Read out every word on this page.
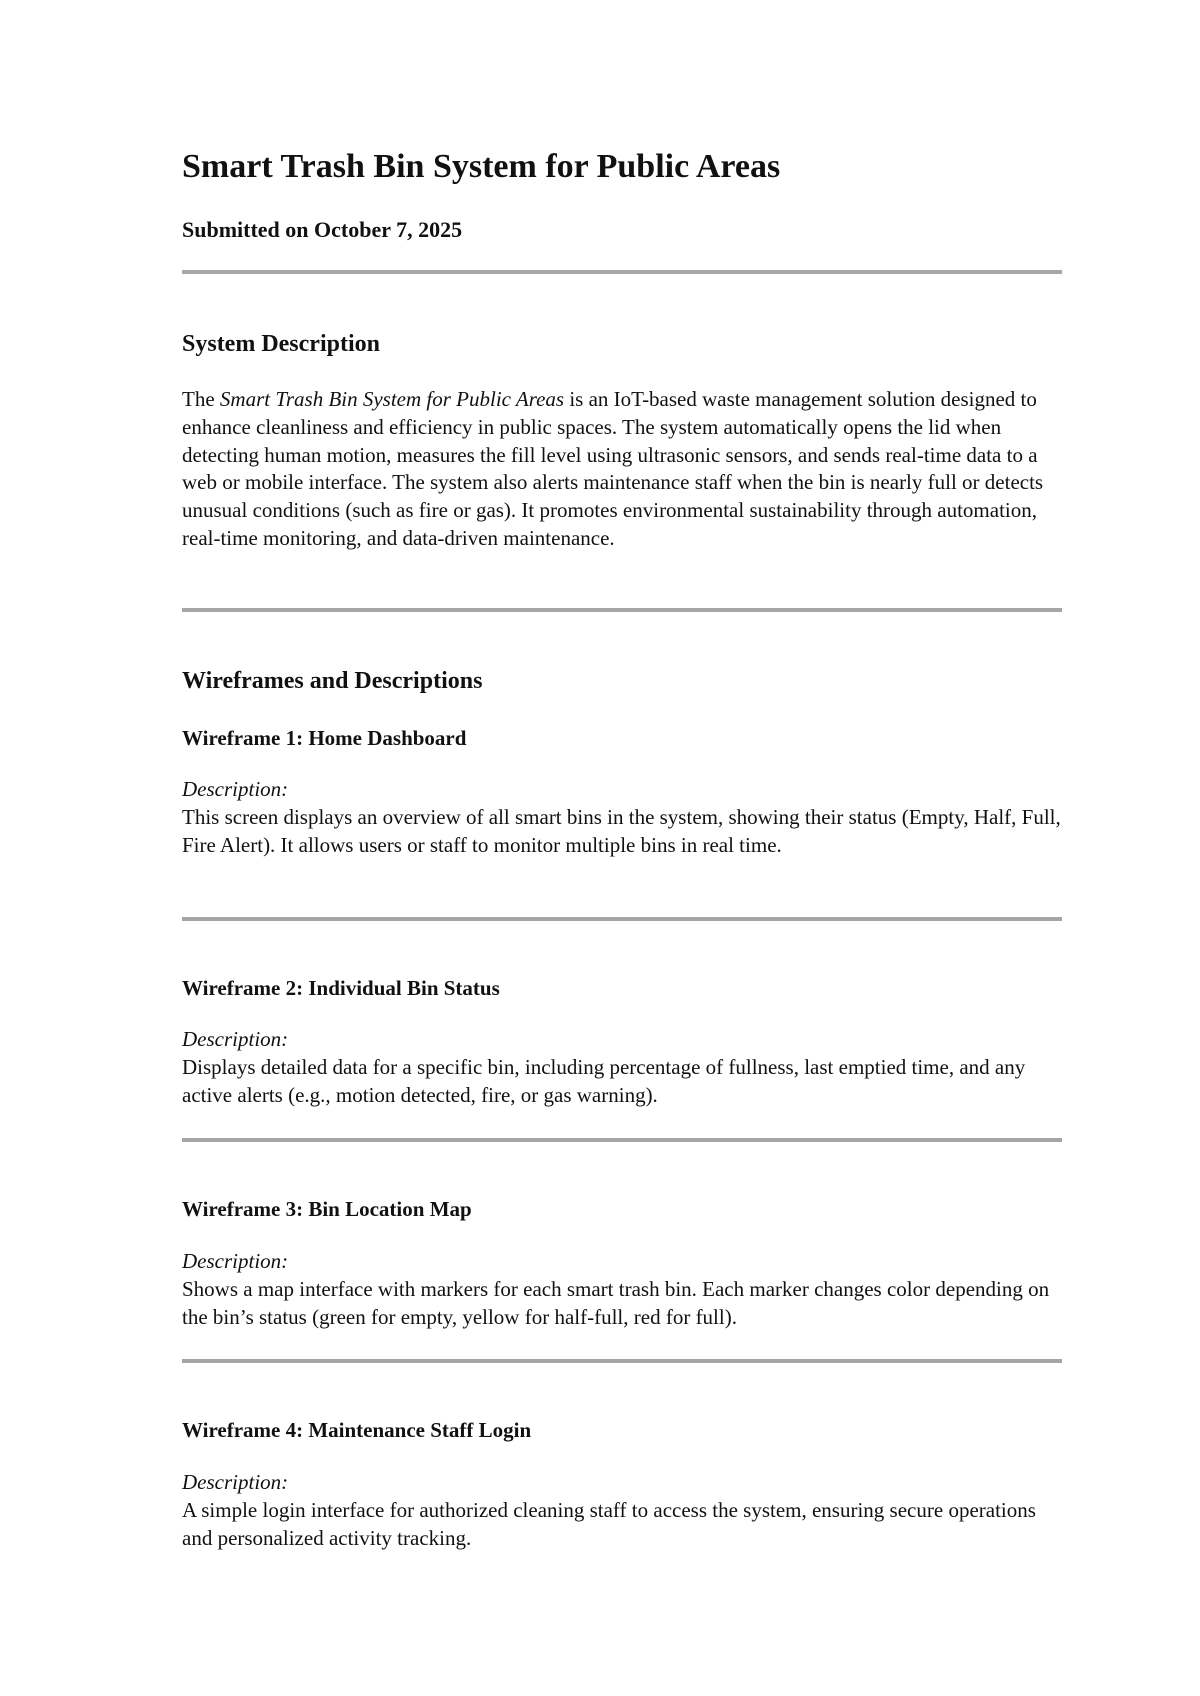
Smart Trash Bin System for Public Areas
Submitted on October 7, 2025
System Description

The Smart Trash Bin System for Public Areas is an IoT-based waste management solution designed to enhance cleanliness and efficiency in public spaces. The system automatically opens the lid when detecting human motion, measures the fill level using ultrasonic sensors, and sends real-time data to a web or mobile interface. The system also alerts maintenance staff when the bin is nearly full or detects unusual conditions (such as fire or gas). It promotes environmental sustainability through automation, real-time monitoring, and data-driven maintenance.

Wireframes and Descriptions
Wireframe 1: Home Dashboard

Description:
This screen displays an overview of all smart bins in the system, showing their status (Empty, Half, Full, Fire Alert). It allows users or staff to monitor multiple bins in real time.

Wireframe 2: Individual Bin Status

Description:
Displays detailed data for a specific bin, including percentage of fullness, last emptied time, and any active alerts (e.g., motion detected, fire, or gas warning).

Wireframe 3: Bin Location Map

Description:
Shows a map interface with markers for each smart trash bin. Each marker changes color depending on the bin’s status (green for empty, yellow for half-full, red for full).

Wireframe 4: Maintenance Staff Login

Description:
A simple login interface for authorized cleaning staff to access the system, ensuring secure operations and personalized activity tracking.
